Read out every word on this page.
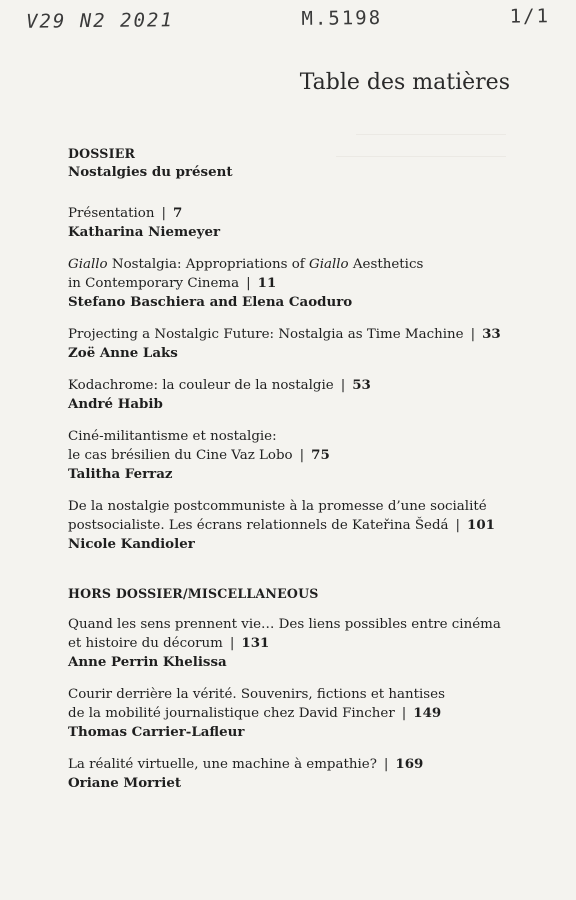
V29 N2 2021	M.5198	1/1
Table des matières
DOSSIER
Nostalgies du présent
Présentation | 7
Katharina Niemeyer
Giallo Nostalgia: Appropriations of Giallo Aesthetics
in Contemporary Cinema | 11
Stefano Baschiera and Elena Caoduro
Projecting a Nostalgic Future: Nostalgia as Time Machine | 33
Zoë Anne Laks
Kodachrome: la couleur de la nostalgie | 53
André Habib
Ciné-militantisme et nostalgie:
le cas brésilien du Cine Vaz Lobo | 75
Talitha Ferraz
De la nostalgie postcommuniste à la promesse d’une socialité
postsocialiste. Les écrans relationnels de Kateřina Šedá | 101
Nicole Kandioler
HORS DOSSIER/MISCELLANEOUS
Quand les sens prennent vie… Des liens possibles entre cinéma
et histoire du décorum | 131
Anne Perrin Khelissa
Courir derrière la vérité. Souvenirs, fictions et hantises
de la mobilité journalistique chez David Fincher | 149
Thomas Carrier-Lafleur
La réalité virtuelle, une machine à empathie? | 169
Oriane Morriet
